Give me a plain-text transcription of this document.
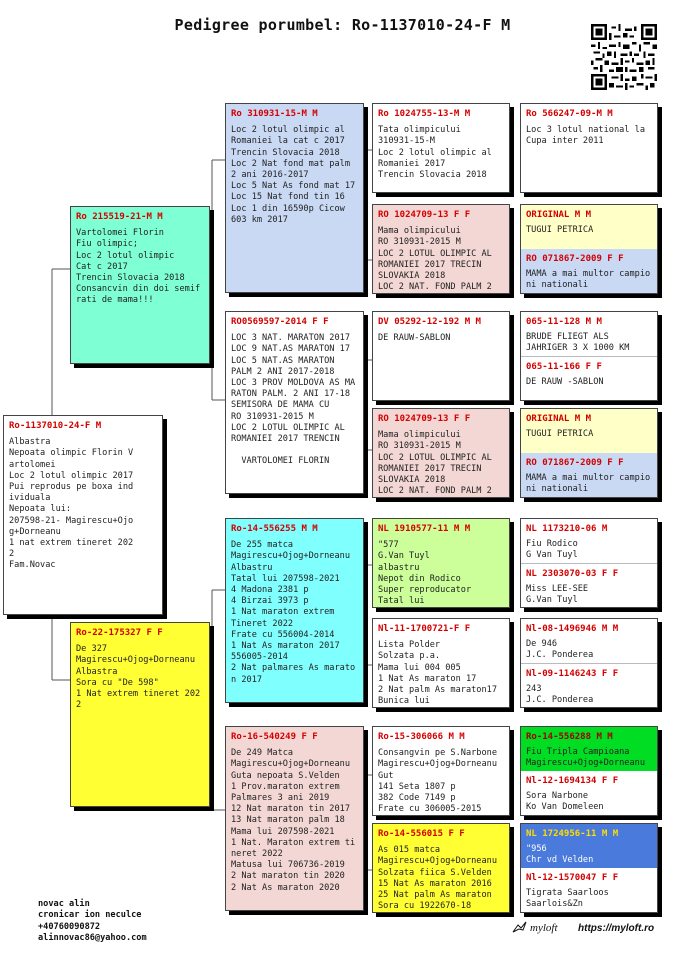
Pedigree porumbel: Ro-1137010-24-F M
Ro-1137010-24-F M
Albastra
Nepoata olimpic Florin V
artolomei
Loc 2 lotul olimpic 2017
Pui reprodus pe boxa ind
ividuala
Nepoata lui:
207598-21- Magirescu+Ojo
g+Dorneanu
1 nat extrem tineret 202
2
Fam.Novac
Ro 215519-21-M M
Vartolomei Florin
Fiu olimpic;
Loc 2 lotul olimpic
Cat c 2017
Trencin Slovacia 2018
Consancvin din doi semif
rati de mama!!!
Ro-22-175327 F F
De 327
Magirescu+Ojog+Dorneanu
Albastra
Sora cu "De 598"
1 Nat extrem tineret 202
2
Ro 310931-15-M M
Loc 2 lotul olimpic al
Romaniei la cat c 2017
Trencin Slovacia 2018
Loc 2 Nat fond mat palm
2 ani 2016-2017
Loc 5 Nat As fond mat 17
Loc 15 Nat fond tin 16
Loc 1 din 16590p Cicow
603 km 2017
RO0569597-2014 F F
LOC 3 NAT. MARATON 2017
LOC 9 NAT.AS MARATON 17
LOC 5 NAT.AS MARATON
PALM 2 ANI 2017-2018
LOC 3 PROV MOLDOVA AS MA
RATON PALM. 2 ANI 17-18
SEMISORA DE MAMA CU
RO 310931-2015 M
LOC 2 LOTUL OLIMPIC AL
ROMANIEI 2017 TRENCIN

VARTOLOMEI FLORIN
Ro-14-556255 M M
De 255 matca
Magirescu+Ojog+Dorneanu
Albastru
Tatal lui 207598-2021
4 Madona 2381 p
4 Birzai 3973 p
1 Nat maraton extrem
Tineret 2022
Frate cu 556004-2014
1 Nat As maraton 2017
556005-2014
2 Nat palmares As marato
n 2017
Ro-16-540249 F F
De 249 Matca
Magirescu+Ojog+Dorneanu
Guta nepoata S.Velden
1 Prov.maraton extrem
Palmares 3 ani 2019
12 Nat maraton tin 2017
13 Nat maraton palm 18
Mama lui 207598-2021
1 Nat. Maraton extrem ti
neret 2022
Matusa lui 706736-2019
2 Nat maraton tin 2020
2 Nat As maraton 2020
Ro 1024755-13-M M
Tata olimpicului
310931-15-M
Loc 2 lotul olimpic al
Romaniei 2017
Trencin Slovacia 2018
RO 1024709-13 F F
Mama olimpicului
RO 310931-2015 M
LOC 2 LOTUL OLIMPIC AL
ROMANIEI 2017 TRECIN
SLOVAKIA 2018
LOC 2 NAT. FOND PALM 2
DV 05292-12-192 M M
DE RAUW-SABLON
RO 1024709-13 F F
Mama olimpicului
RO 310931-2015 M
LOC 2 LOTUL OLIMPIC AL
ROMANIEI 2017 TRECIN
SLOVAKIA 2018
LOC 2 NAT. FOND PALM 2
NL 1910577-11 M M
"577
G.Van Tuyl
albastru
Nepot din Rodico
Super reproducator
Tatal lui
Nl-11-1700721-F F
Lista Polder
Solzata p.a.
Mama lui 004 005
1 Nat As maraton 17
2 Nat palm As maraton17
Bunica lui
Ro-15-306066 M M
Consangvin pe S.Narbone
Magirescu+Ojog+Dorneanu
Gut
141 Seta 1807 p
382 Code 7149 p
Frate cu 306005-2015
Ro-14-556015 F F
As 015 matca
Magirescu+Ojog+Dorneanu
Solzata fiica S.Velden
15 Nat As maraton 2016
25 Nat palm As maraton
Sora cu 1922670-18
Ro 566247-09-M M
Loc 3 lotul national la
Cupa inter 2011
ORIGINAL M M
TUGUI PETRICA
RO 071867-2009 F F
MAMA a mai multor campio
ni nationali
065-11-128 M M
BRUDE FLIEGT ALS
JAHRIGER 3 X 1000 KM
065-11-166 F F
DE RAUW -SABLON
ORIGINAL M M
TUGUI PETRICA
RO 071867-2009 F F
MAMA a mai multor campio
ni nationali
NL 1173210-06 M
Fiu Rodico
G Van Tuyl
NL 2303070-03 F F
Miss LEE-SEE
G.Van Tuyl
Nl-08-1496946 M M
De 946
J.C. Ponderea
Nl-09-1146243 F F
243
J.C. Ponderea
Ro-14-556288 M M
Fiu Tripla Campioana
Magirescu+Ojog+Dorneanu
Nl-12-1694134 F F
Sora Narbone
Ko Van Domeleen
NL 1724956-11 M M
"956
Chr vd Velden
Nl-12-1570047 F F
Tigrata Saarloos
Saarlois&Zn
novac alin
cronicar ion neculce
+40760090872
alinnovac86@yahoo.com
myloft https://myloft.ro
